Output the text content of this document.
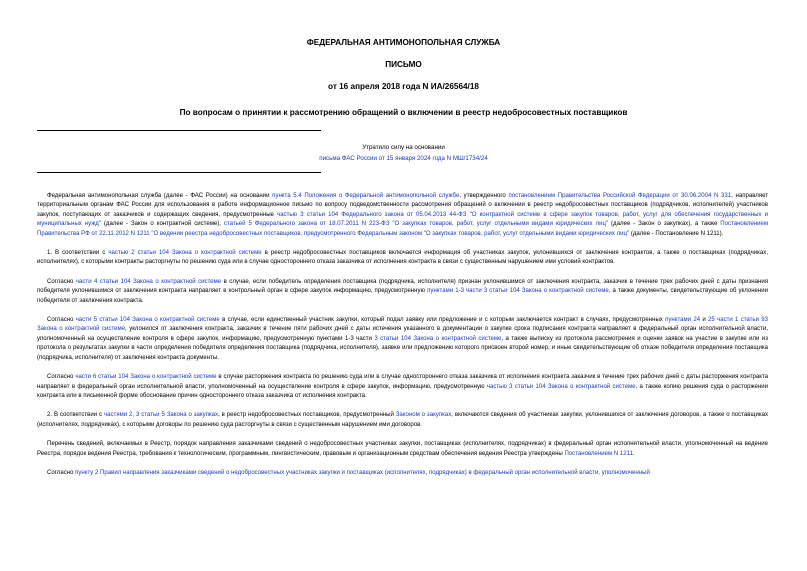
ФЕДЕРАЛЬНАЯ АНТИМОНОПОЛЬНАЯ СЛУЖБА
ПИСЬМО
от 16 апреля 2018 года N ИА/26564/18
По вопросам о принятии к рассмотрению обращений о включении в реестр недобросовестных поставщиков
Утратило силу на основании
письма ФАС России от 15 января 2024 года N МШ/1734/24

Федеральная антимонопольная служба (далее - ФАС России) на основании пункта 5.4 Положения о Федеральной антимонопольной службе, утвержденного постановлением Правительства Российской Федерации от 30.06.2004 N 331, направляет территориальным органам ФАС России для использования в работе информационное письмо по вопросу подведомственности рассмотрения обращений о включении в реестр недобросовестных поставщиков (подрядчиков, исполнителей) участников закупок, поступающих от заказчиков и содержащих сведения, предусмотренные частью 3 статьи 104 Федерального закона от 05.04.2013 44-ФЗ "О контрактной системе в сфере закупок товаров, работ, услуг для обеспечения государственных и муниципальных нужд" (далее - Закон о контрактной системе), статьей 5 Федерального закона от 18.07.2011 N 223-ФЗ "О закупках товаров, работ, услуг отдельными видами юридических лиц" (далее - Закон о закупках), а также Постановлением Правительства РФ от 22.11.2012 N 1211 "О ведении реестра недобросовестных поставщиков, предусмотренного Федеральным законом "О закупках товаров, работ, услуг отдельными видами юридических лиц" (далее - Постановление N 1211).

1. В соответствии с частью 2 статьи 104 Закона о контрактной системе в реестр недобросовестных поставщиков включается информация об участниках закупок, уклонившихся от заключения контрактов, а также о поставщиках (подрядчиках, исполнителях), с которыми контракты расторгнуты по решению суда или в случае одностороннего отказа заказчика от исполнения контракта в связи с существенным нарушением ими условий контрактов.

Согласно части 4 статьи 104 Закона о контрактной системе в случае, если победитель определения поставщика (подрядчика, исполнителя) признан уклонившимся от заключения контракта, заказчик в течение трех рабочих дней с даты признания победителя уклонившимся от заключения контракта направляет в контрольный орган в сфере закупок информацию, предусмотренную пунктами 1-3 части 3 статьи 104 Закона о контрактной системе, а также документы, свидетельствующие об уклонении победителя от заключения контракта.

Согласно части 5 статьи 104 Закона о контрактной системе в случае, если единственный участник закупки, который подал заявку или предложение и с которым заключается контракт в случаях, предусмотренных пунктами 24 и 25 части 1 статьи 93 Закона о контрактной системе, уклонился от заключения контракта, заказчик в течение пяти рабочих дней с даты истечения указанного в документации о закупке срока подписания контракта направляет в федеральный орган исполнительной власти, уполномоченный на осуществление контроля в сфере закупок, информацию, предусмотренную пунктами 1-3 части 3 статьи 104 Закона о контрактной системе, а также выписку из протокола рассмотрения и оценки заявок на участие в закупке или из протокола о результатах закупки в части определения победителя определения поставщика (подрядчика, исполнителя), заявке или предложению которого присвоен второй номер, и иные свидетельствующие об отказе победителя определения поставщика (подрядчика, исполнителя) от заключения контракта документы.

Согласно части 6 статьи 104 Закона о контрактной системе в случае расторжения контракта по решению суда или в случае одностороннего отказа заказчика от исполнения контракта заказчик в течение трех рабочих дней с даты расторжения контракта направляет в федеральный орган исполнительной власти, уполномоченный на осуществление контроля в сфере закупок, информацию, предусмотренную частью 3 статьи 104 Закона о контрактной системе, а также копию решения суда о расторжении контракта или в письменной форме обоснование причин одностороннего отказа заказчика от исполнения контракта.

2. В соответствии с частями 2, 3 статьи 5 Закона о закупках, в реестр недобросовестных поставщиков, предусмотренный Законом о закупках, включаются сведения об участниках закупки, уклонившихся от заключения договоров, а также о поставщиках (исполнителях, подрядчиках), с которыми договоры по решению суда расторгнуты в связи с существенным нарушением ими договоров.

Перечень сведений, включаемых в Реестр, порядок направления заказчиками сведений о недобросовестных участниках закупки, поставщиках (исполнителях, подрядчиках) в федеральный орган исполнительной власти, уполномоченный на ведение Реестра, порядок ведения Реестра, требования к технологическим, программным, лингвистическим, правовым и организационным средствам обеспечения ведения Реестра утверждены Постановлением N 1211.

Согласно пункту 2 Правил направления заказчиками сведений о недобросовестных участниках закупки и поставщиках (исполнителях, подрядчиках) в федеральный орган исполнительной власти, уполномоченный
